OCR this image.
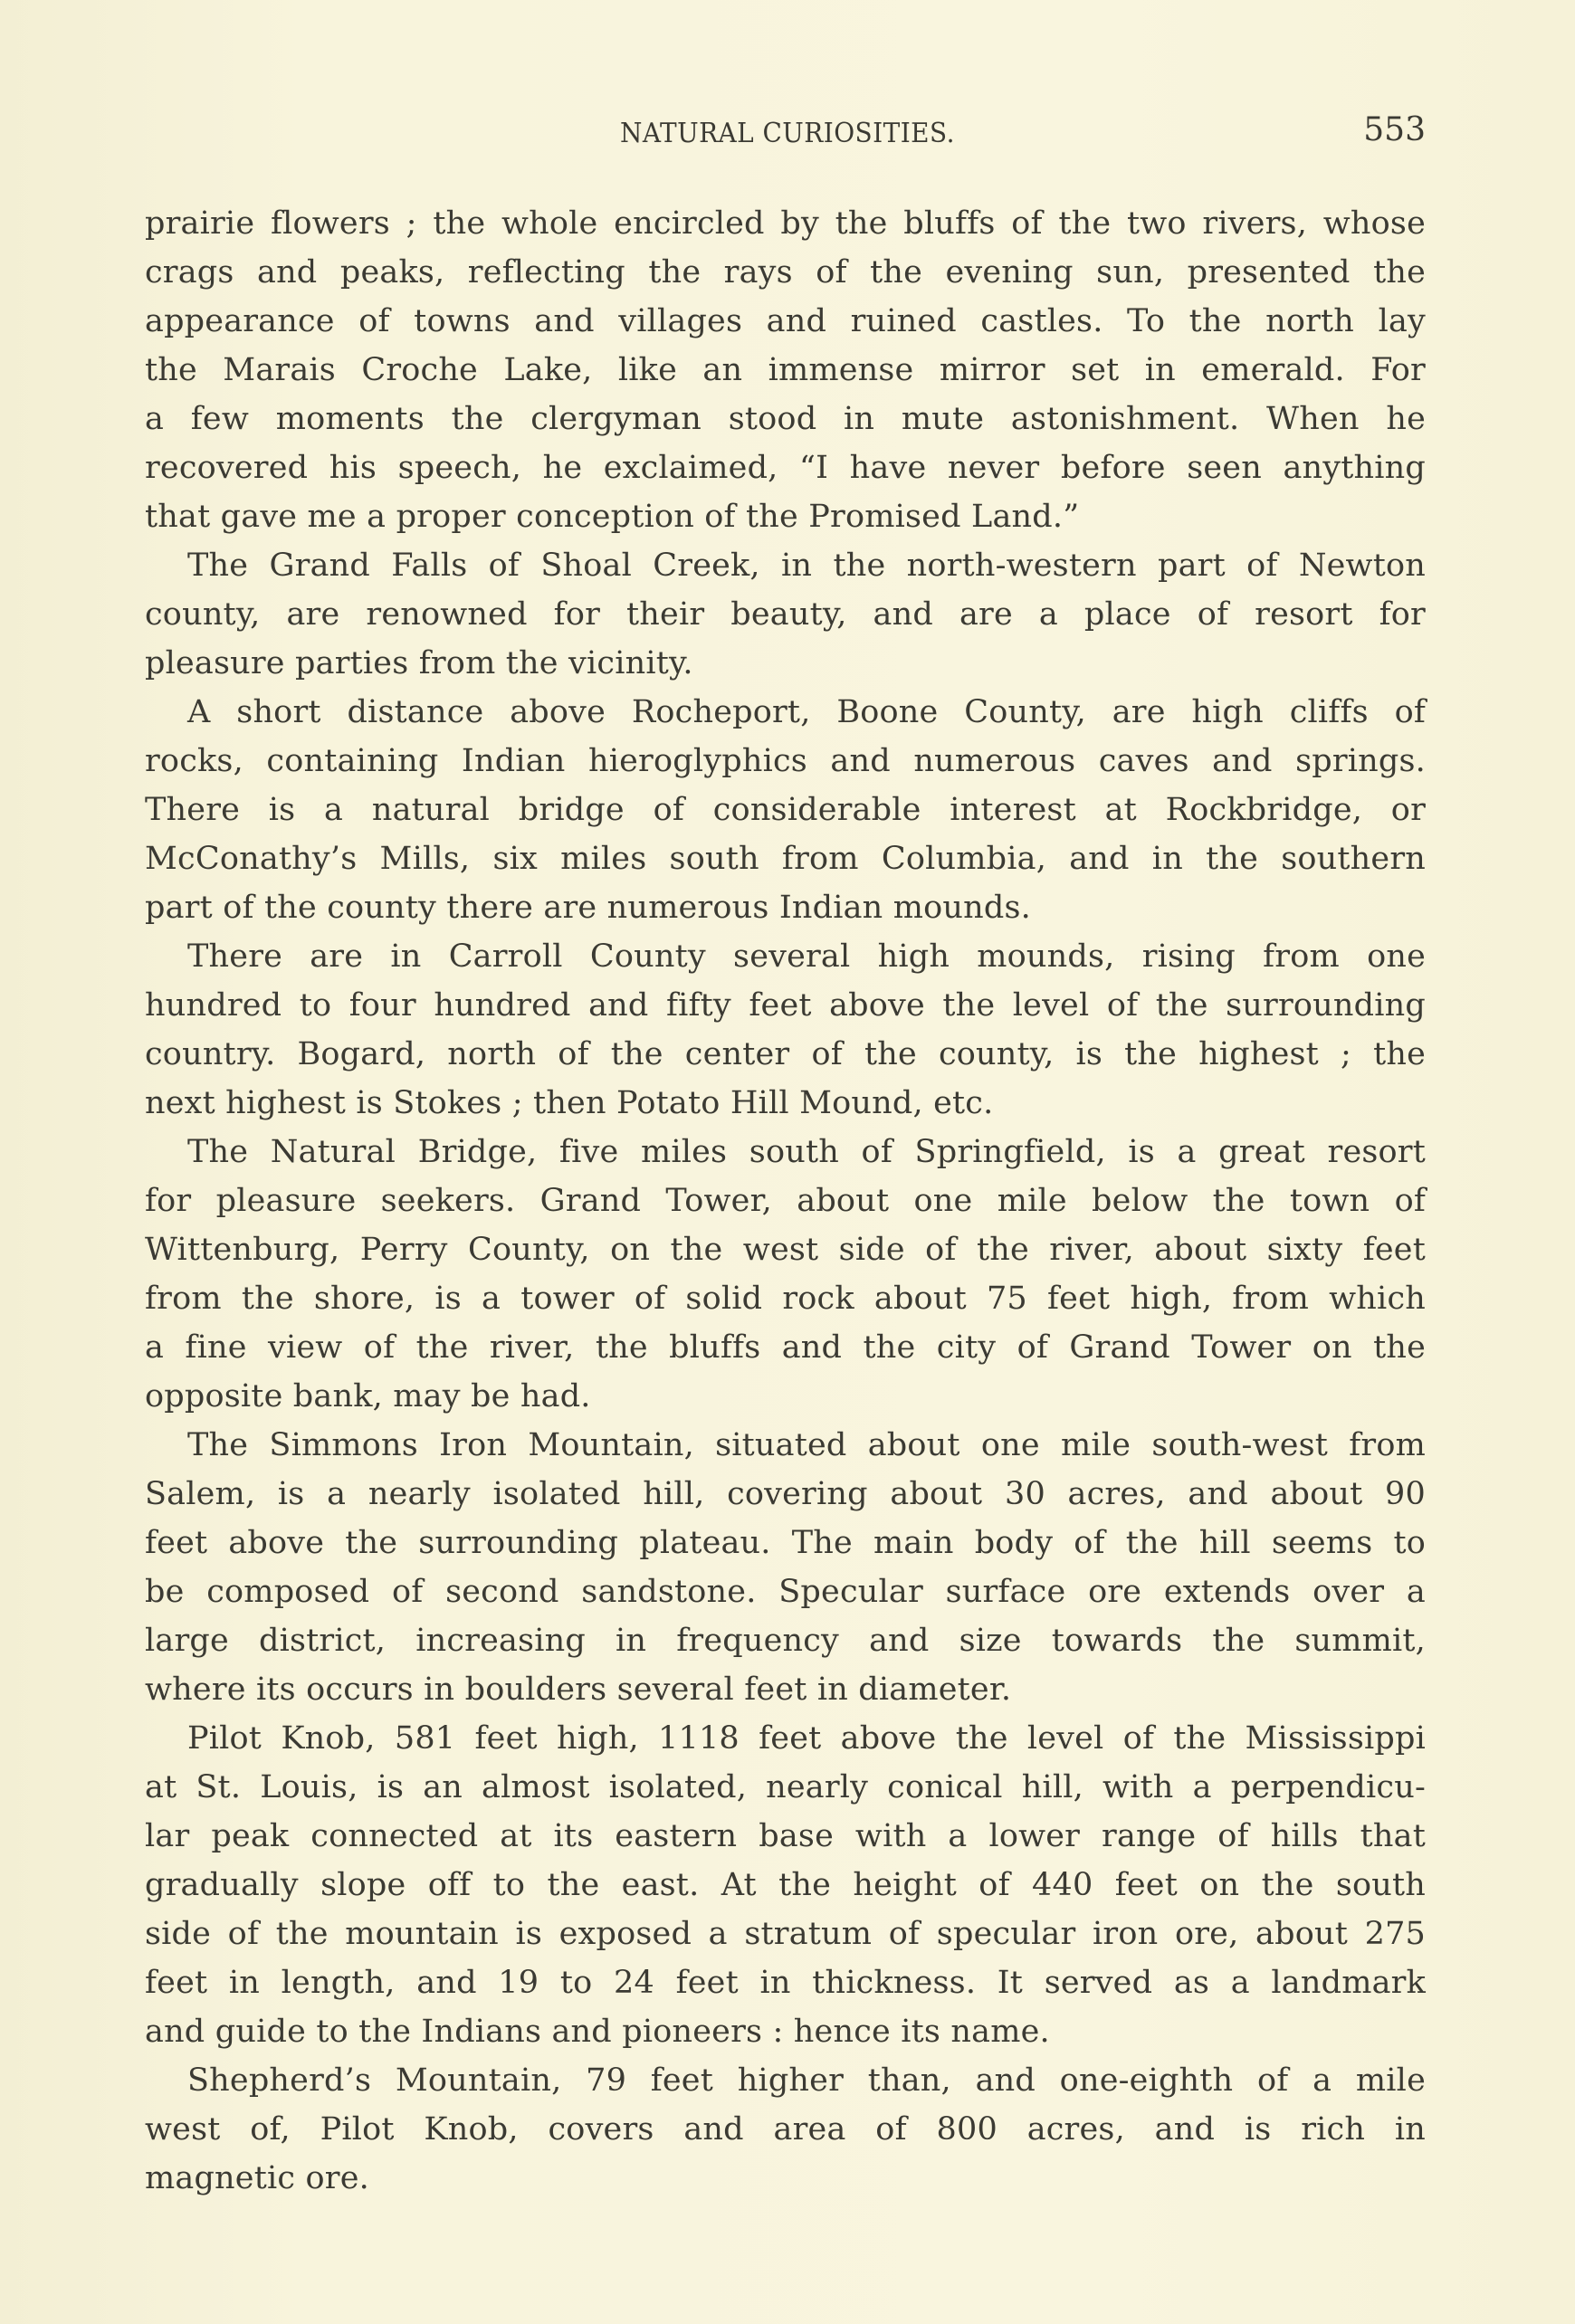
NATURAL CURIOSITIES.	553
prairie flowers ; the whole encircled by the bluffs of the two rivers, whose
crags and peaks, reflecting the rays of the evening sun, presented the
appearance of towns and villages and ruined castles. To the north lay
the Marais Croche Lake, like an immense mirror set in emerald. For
a few moments the clergyman stood in mute astonishment. When he
recovered his speech, he exclaimed, “I have never before seen anything
that gave me a proper conception of the Promised Land.”
The Grand Falls of Shoal Creek, in the north-western part of Newton
county, are renowned for their beauty, and are a place of resort for
pleasure parties from the vicinity.
A short distance above Rocheport, Boone County, are high cliffs of
rocks, containing Indian hieroglyphics and numerous caves and springs.
There is a natural bridge of considerable interest at Rockbridge, or
McConathy’s Mills, six miles south from Columbia, and in the southern
part of the county there are numerous Indian mounds.
There are in Carroll County several high mounds, rising from one
hundred to four hundred and fifty feet above the level of the surrounding
country. Bogard, north of the center of the county, is the highest ; the
next highest is Stokes ; then Potato Hill Mound, etc.
The Natural Bridge, five miles south of Springfield, is a great resort
for pleasure seekers. Grand Tower, about one mile below the town of
Wittenburg, Perry County, on the west side of the river, about sixty feet
from the shore, is a tower of solid rock about 75 feet high, from which
a fine view of the river, the bluffs and the city of Grand Tower on the
opposite bank, may be had.
The Simmons Iron Mountain, situated about one mile south-west from
Salem, is a nearly isolated hill, covering about 30 acres, and about 90
feet above the surrounding plateau. The main body of the hill seems to
be composed of second sandstone. Specular surface ore extends over a
large district, increasing in frequency and size towards the summit,
where its occurs in boulders several feet in diameter.
Pilot Knob, 581 feet high, 1118 feet above the level of the Mississippi
at St. Louis, is an almost isolated, nearly conical hill, with a perpendicu-
lar peak connected at its eastern base with a lower range of hills that
gradually slope off to the east. At the height of 440 feet on the south
side of the mountain is exposed a stratum of specular iron ore, about 275
feet in length, and 19 to 24 feet in thickness. It served as a landmark
and guide to the Indians and pioneers : hence its name.
Shepherd’s Mountain, 79 feet higher than, and one-eighth of a mile
west of, Pilot Knob, covers and area of 800 acres, and is rich in
magnetic ore.
